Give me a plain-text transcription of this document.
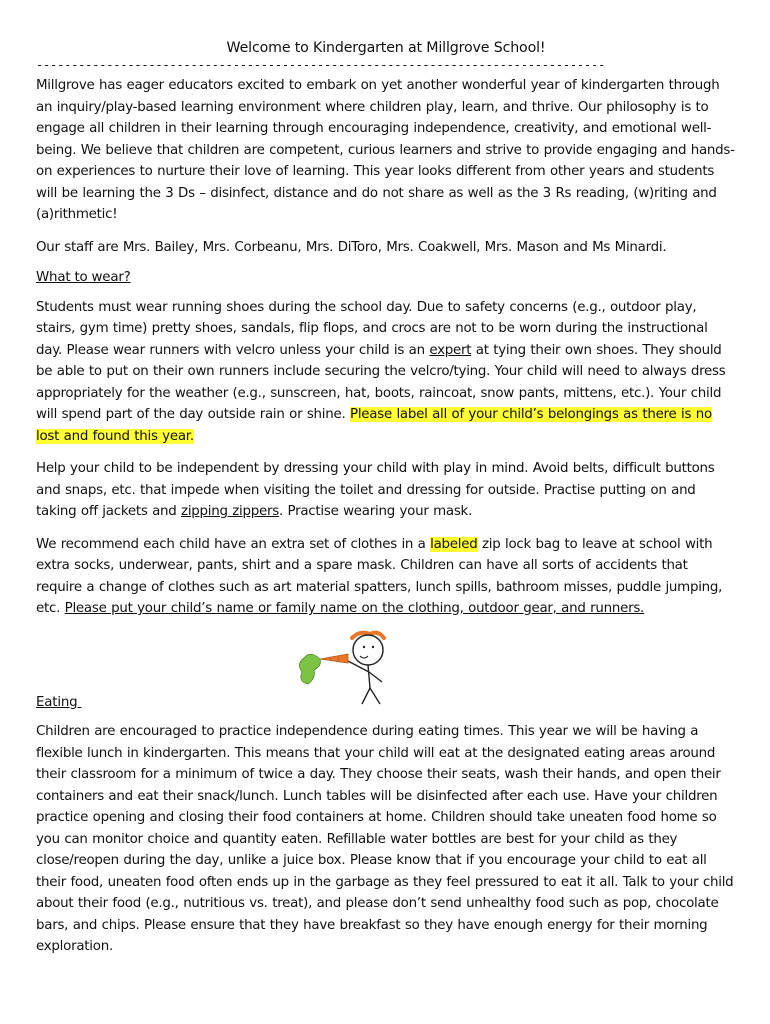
Welcome to Kindergarten at Millgrove School!
---------------------------------------------------------------------------------

Millgrove has eager educators excited to embark on yet another wonderful year of kindergarten through an inquiry/play-based learning environment where children play, learn, and thrive. Our philosophy is to engage all children in their learning through encouraging independence, creativity, and emotional well-being. We believe that children are competent, curious learners and strive to provide engaging and hands-on experiences to nurture their love of learning. This year looks different from other years and students will be learning the 3 Ds – disinfect, distance and do not share as well as the 3 Rs reading, (w)riting and (a)rithmetic!

Our staff are Mrs. Bailey, Mrs. Corbeanu, Mrs. DiToro, Mrs. Coakwell, Mrs. Mason and Ms Minardi.

What to wear?

Students must wear running shoes during the school day. Due to safety concerns (e.g., outdoor play, stairs, gym time) pretty shoes, sandals, flip flops, and crocs are not to be worn during the instructional day. Please wear runners with velcro unless your child is an expert at tying their own shoes. They should be able to put on their own runners include securing the velcro/tying. Your child will need to always dress appropriately for the weather (e.g., sunscreen, hat, boots, raincoat, snow pants, mittens, etc.). Your child will spend part of the day outside rain or shine. Please label all of your child’s belongings as there is no lost and found this year.

Help your child to be independent by dressing your child with play in mind. Avoid belts, difficult buttons and snaps, etc. that impede when visiting the toilet and dressing for outside. Practise putting on and taking off jackets and zipping zippers. Practise wearing your mask.

We recommend each child have an extra set of clothes in a labeled zip lock bag to leave at school with extra socks, underwear, pants, shirt and a spare mask. Children can have all sorts of accidents that require a change of clothes such as art material spatters, lunch spills, bathroom misses, puddle jumping, etc. Please put your child’s name or family name on the clothing, outdoor gear, and runners.

Eating

Children are encouraged to practice independence during eating times. This year we will be having a flexible lunch in kindergarten. This means that your child will eat at the designated eating areas around their classroom for a minimum of twice a day. They choose their seats, wash their hands, and open their containers and eat their snack/lunch. Lunch tables will be disinfected after each use. Have your children practice opening and closing their food containers at home. Children should take uneaten food home so you can monitor choice and quantity eaten. Refillable water bottles are best for your child as they close/reopen during the day, unlike a juice box. Please know that if you encourage your child to eat all their food, uneaten food often ends up in the garbage as they feel pressured to eat it all. Talk to your child about their food (e.g., nutritious vs. treat), and please don’t send unhealthy food such as pop, chocolate bars, and chips. Please ensure that they have breakfast so they have enough energy for their morning exploration.
